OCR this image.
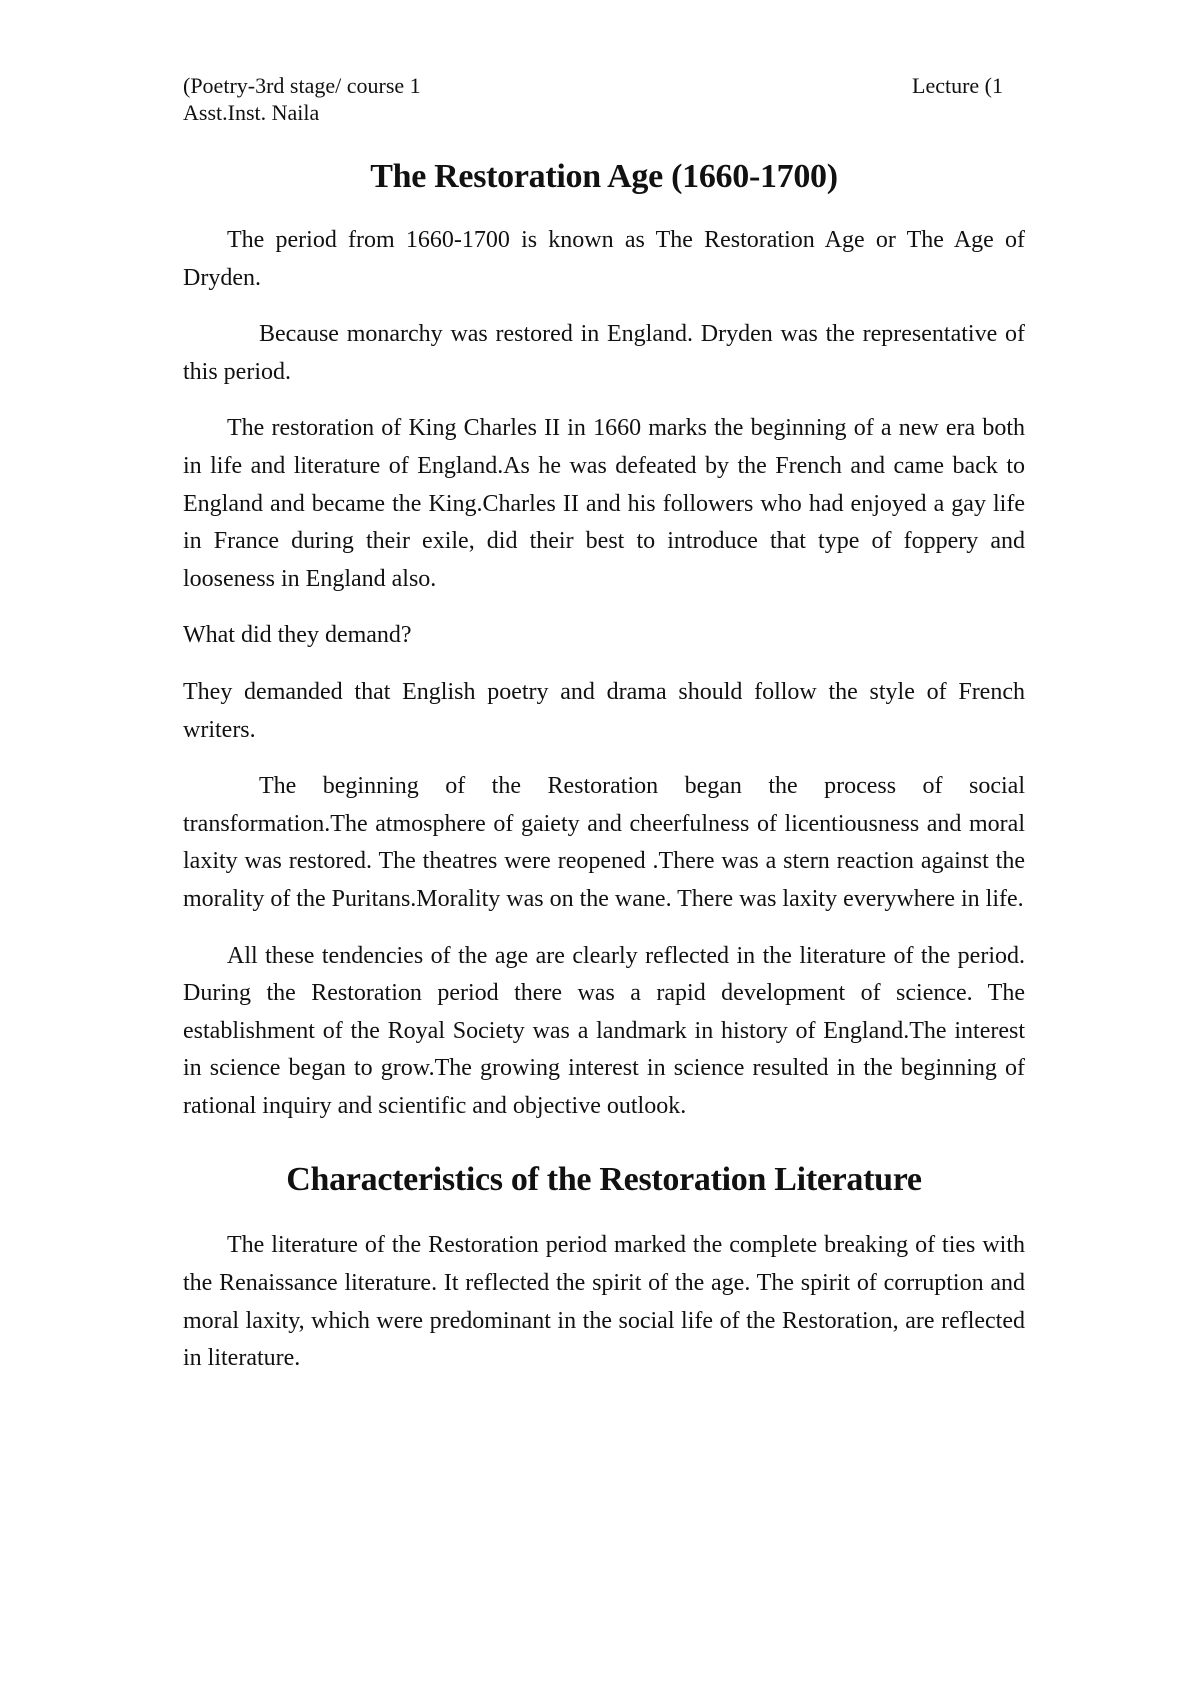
(Poetry-3rd stage/ course 1	Lecture (1
Asst.Inst. Naila
The Restoration Age (1660-1700)

The period from 1660-1700 is known as The Restoration Age or The Age of Dryden.

Because monarchy was restored in England. Dryden was the representative of this period.

The restoration of King Charles II in 1660 marks the beginning of a new era both in life and literature of England.As he was defeated by the French and came back to England and became the King.Charles II and his followers who had enjoyed a gay life in France during their exile, did their best to introduce that type of foppery and looseness in England also.

What did they demand?

They demanded that English poetry and drama should follow the style of French writers.

The beginning of the Restoration began the process of social transformation.The atmosphere of gaiety and cheerfulness of licentiousness and moral laxity was restored. The theatres were reopened .There was a stern reaction against the morality of the Puritans.Morality was on the wane. There was laxity everywhere in life.

All these tendencies of the age are clearly reflected in the literature of the period. During the Restoration period there was a rapid development of science. The establishment of the Royal Society was a landmark in history of England.The interest in science began to grow.The growing interest in science resulted in the beginning of rational inquiry and scientific and objective outlook.

Characteristics of the Restoration Literature

The literature of the Restoration period marked the complete breaking of ties with the Renaissance literature. It reflected the spirit of the age. The spirit of corruption and moral laxity, which were predominant in the social life of the Restoration, are reflected in literature.
